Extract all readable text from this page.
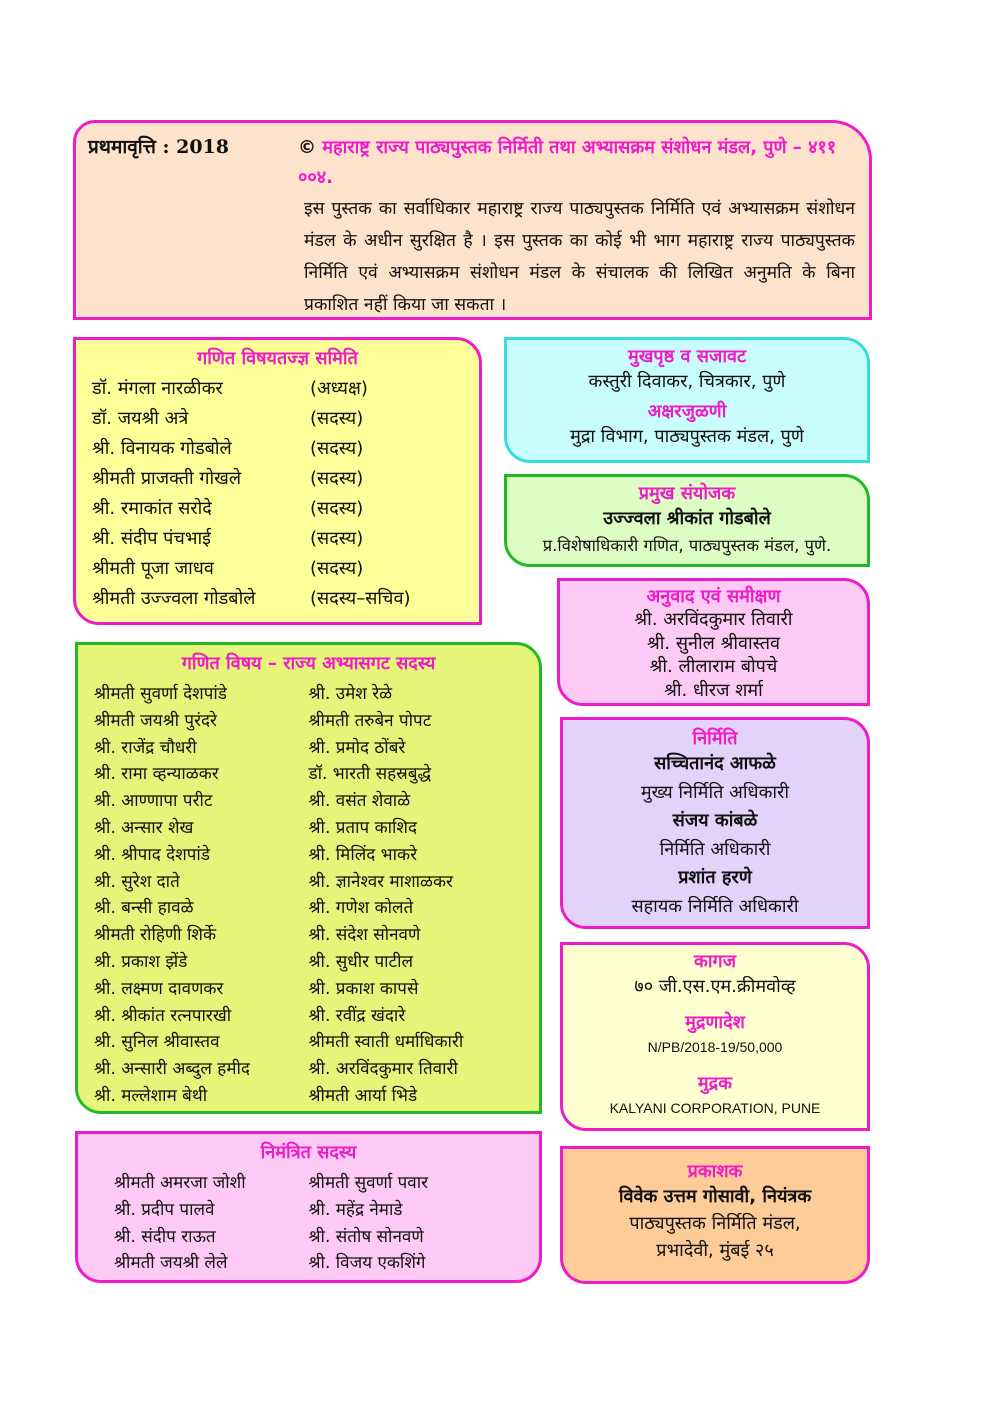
प्रथमावृत्ति : 2018	© महाराष्ट्र राज्य पाठ्यपुस्तक निर्मिती तथा अभ्यासक्रम संशोधन मंडल, पुणे – ४११ ००४.
इस पुस्तक का सर्वाधिकार महाराष्ट्र राज्य पाठ्यपुस्तक निर्मिति एवं अभ्यासक्रम संशोधन मंडल के अधीन सुरक्षित है । इस पुस्तक का कोई भी भाग महाराष्ट्र राज्य पाठ्यपुस्तक निर्मिति एवं अभ्यासक्रम संशोधन मंडल के संचालक की लिखित अनुमति के बिना प्रकाशित नहीं किया जा सकता ।
गणित विषयतज्ज्ञ समिति
डॉ. मंगला नारळीकर	(अध्यक्ष)
डॉ. जयश्री अत्रे	(सदस्य)
श्री. विनायक गोडबोले	(सदस्य)
श्रीमती प्राजक्ती गोखले	(सदस्य)
श्री. रमाकांत सरोदे	(सदस्य)
श्री. संदीप पंचभाई	(सदस्य)
श्रीमती पूजा जाधव	(सदस्य)
श्रीमती उज्ज्वला गोडबोले	(सदस्य–सचिव)
गणित विषय – राज्य अभ्यासगट सदस्य
श्रीमती सुवर्णा देशपांडे	श्री. उमेश रेळे
श्रीमती जयश्री पुरंदरे	श्रीमती तरुबेन पोपट
श्री. राजेंद्र चौधरी	श्री. प्रमोद ठोंबरे
श्री. रामा व्हन्याळकर	डॉ. भारती सहस्रबुद्धे
श्री. आण्णापा परीट	श्री. वसंत शेवाळे
श्री. अन्सार शेख	श्री. प्रताप काशिद
श्री. श्रीपाद देशपांडे	श्री. मिलिंद भाकरे
श्री. सुरेश दाते	श्री. ज्ञानेश्वर माशाळकर
श्री. बन्सी हावळे	श्री. गणेश कोलते
श्रीमती रोहिणी शिर्के	श्री. संदेश सोनवणे
श्री. प्रकाश झेंडे	श्री. सुधीर पाटील
श्री. लक्ष्मण दावणकर	श्री. प्रकाश कापसे
श्री. श्रीकांत रत्नपारखी	श्री. रवींद्र खंदारे
श्री. सुनिल श्रीवास्तव	श्रीमती स्वाती धर्माधिकारी
श्री. अन्सारी अब्दुल हमीद	श्री. अरविंदकुमार तिवारी
श्री. मल्लेशाम बेथी	श्रीमती आर्या भिडे
निमंत्रित सदस्य
श्रीमती अमरजा जोशी	श्रीमती सुवर्णा पवार
श्री. प्रदीप पालवे	श्री. महेंद्र नेमाडे
श्री. संदीप राऊत	श्री. संतोष सोनवणे
श्रीमती जयश्री लेले	श्री. विजय एकशिंगे
मुखपृष्ठ व सजावट
कस्तुरी दिवाकर, चित्रकार, पुणे
अक्षरजुळणी
मुद्रा विभाग, पाठ्यपुस्तक मंडल, पुणे
प्रमुख संयोजक
उज्ज्वला श्रीकांत गोडबोले
प्र.विशेषाधिकारी गणित, पाठ्यपुस्तक मंडल, पुणे.
अनुवाद एवं समीक्षण
श्री. अरविंदकुमार तिवारी
श्री. सुनील श्रीवास्तव
श्री. लीलाराम बोपचे
श्री. धीरज शर्मा
निर्मिति
सच्चितानंद आफळे
मुख्य निर्मिति अधिकारी
संजय कांबळे
निर्मिति अधिकारी
प्रशांत हरणे
सहायक निर्मिति अधिकारी
कागज
७० जी.एस.एम.क्रीमवोव्ह
मुद्रणादेश
N/PB/2018-19/50,000
मुद्रक
KALYANI CORPORATION, PUNE
प्रकाशक
विवेक उत्तम गोसावी, नियंत्रक
पाठ्यपुस्तक निर्मिति मंडल,
प्रभादेवी, मुंबई २५
